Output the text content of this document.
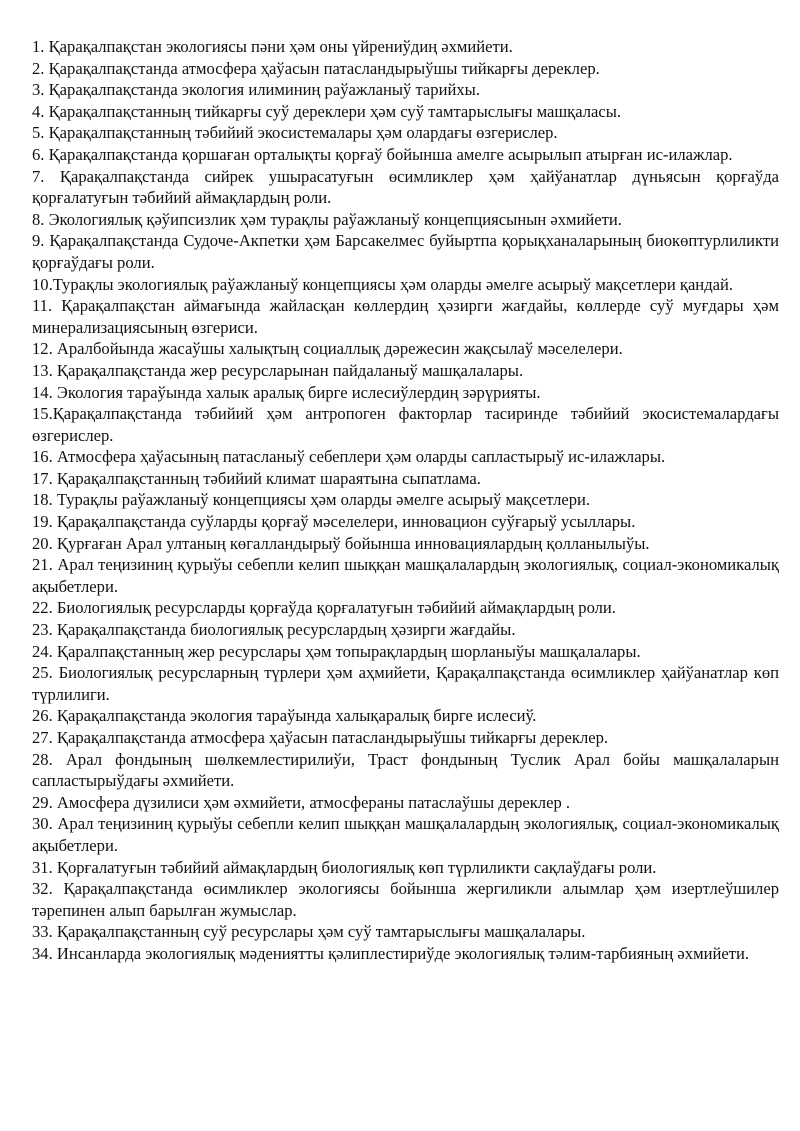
1. Қарақалпақстан экологиясы пәни ҳәм оны үйрениўдиң әхмийети.
2. Қарақалпақстанда атмосфера ҳаўасын патасландырыўшы тийкарғы дереклер.
3. Қарақалпақстанда экология илиминиң раўажланыў тарийхы.
4. Қарақалпақстанның тийкарғы суў дереклери ҳәм суў тамтарыслығы машқаласы.
5. Қарақалпақстанның тәбийий экосистемалары ҳәм олардағы өзгерислер.
6. Қарақалпақстанда қоршаған орталықты қорғаў бойынша амелге асырылып атырған ис-илажлар.
7. Қарақалпақстанда сийрек ушырасатуғын өсимликлер ҳәм ҳайўанатлар дүньясын қорғаўда қорғалатуғын тәбийий аймақлардың роли.
8. Экологиялық қәўипсизлик ҳәм турақлы раўажланыў концепциясынын әхмийети.
9. Қарақалпақстанда Судоче-Акпетки ҳәм Барсакелмес буйыртпа қорықханаларының биокөптурлиликти қорғаўдағы роли.
10.Турақлы экологиялық раўажланыў концепциясы ҳәм оларды әмелге асырыў мақсетлери қандай.
11. Қарақалпақстан аймағында жайласқан көллердиң ҳәзирги жағдайы, көллерде суў муғдары ҳәм минерализациясының өзгериси.
12. Аралбойында жасаўшы халықтың социаллық дәрежесин жақсылаў мәселелери.
13. Қарақалпақстанда жер ресурсларынан пайдаланыў машқалалары.
14. Экология тараўында халык аралық бирге ислесиўлердиң зәрүрияты.
15.Қарақалпақстанда тәбийий ҳәм антропоген факторлар тасиринде тәбийий экосистемалардағы өзгерислер.
16. Атмосфера ҳаўасының патасланыў себеплери ҳәм оларды сапластырыў ис-илажлары.
17. Қарақалпақстанның тәбийий климат шараятына сыпатлама.
18. Турақлы раўажланыў концепциясы ҳәм оларды әмелге асырыў мақсетлери.
19. Қарақалпақстанда суўларды қорғаў мәселелери, инновацион суўғарыў усыллары.
20. Қурғаған Арал ултаның көгалландырыў бойынша инновациялардың қолланылыўы.
21. Арал теңизиниң қурыўы себепли келип шыққан машқалалардың экологиялық, социал-экономикалық ақыбетлери.
22. Биологиялық ресурсларды қорғаўда қорғалатуғын тәбийий аймақлардың роли.
23. Қарақалпақстанда биологиялық ресурслардың ҳәзирги жағдайы.
24. Қаралпақстанның жер ресурслары ҳәм топырақлардың шорланыўы машқалалары.
25. Биологиялық ресурсларның түрлери ҳәм аҳмийети, Қарақалпақстанда өсимликлер ҳайўанатлар көп түрлилиги.
26. Қарақалпақстанда экология тараўында халықаралық бирге ислесиў.
27. Қарақалпақстанда атмосфера ҳаўасын патасландырыўшы тийкарғы дереклер.
28. Арал фондының шөлкемлестирилиўи, Траст фондының Туслик Арал бойы машқалаларын сапластырыўдағы әхмийети.
29. Амосфера дүзилиси ҳәм әхмийети, атмосфераны патаслаўшы дереклер .
30. Арал теңизиниң қурыўы себепли келип шыққан машқалалардың экологиялық, социал-экономикалық ақыбетлери.
31. Қорғалатуғын тәбийий аймақлардың биологиялық көп түрлиликти сақлаўдағы роли.
32. Қарақалпақстанда өсимликлер экологиясы бойынша жергиликли алымлар ҳәм изертлеўшилер тәрепинен алып барылған жумыслар.
33. Қарақалпақстанның суў ресурслары ҳәм суў тамтарыслығы машқалалары.
34. Инсанларда экологиялық мәдениятты қәлиплестириўде экологиялық тәлим-тарбияның әхмийети.
